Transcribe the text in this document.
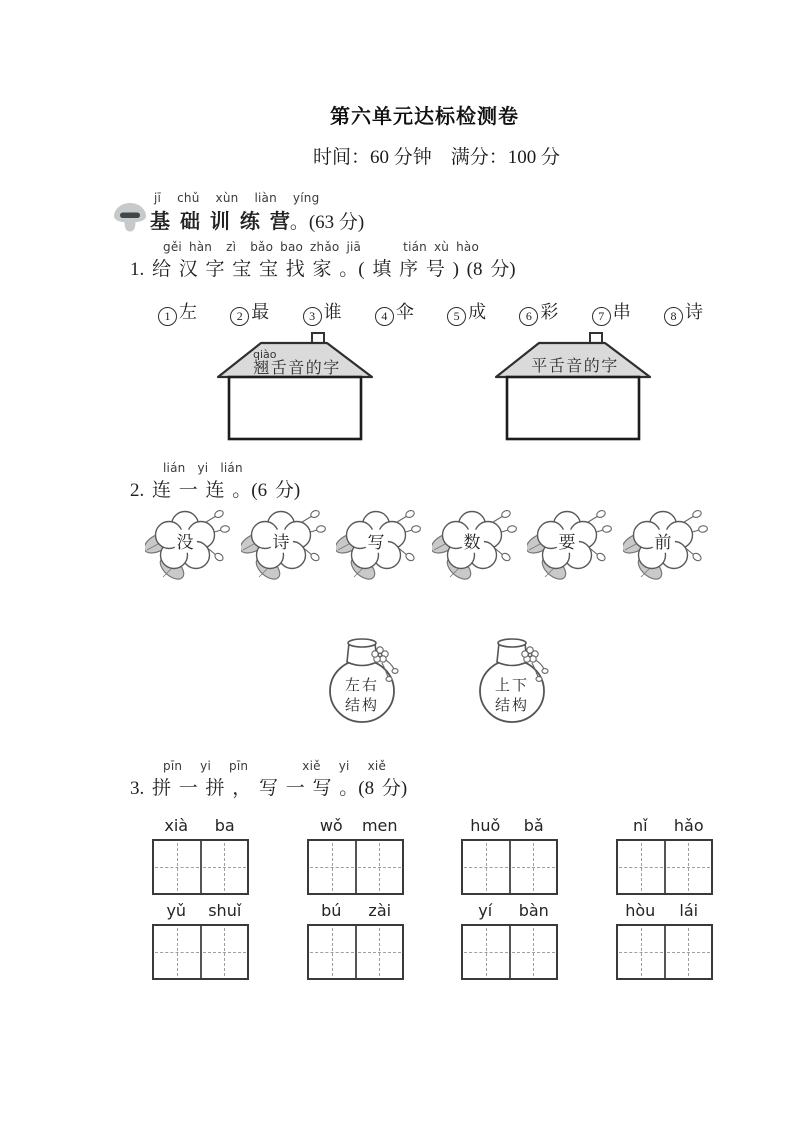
第六单元达标检测卷
时间：60 分钟　满分：100 分
jī  chǔ  xùn  liàn  yíng
基 础 训 练 营。(63 分)
gěi hàn  zì  bǎo bao zhǎo jiā      tián xù hào
1. 给 汉 字 宝 宝 找 家 。( 填 序 号 ) (8 分)
1 左	2 最	3 谁	4 伞	5 成	6 彩	7 串	8 诗
qiào
翘舌音的字	平舌音的字
lián  yi  lián
2. 连 一 连 。(6 分)
没	诗	写	数	要	前
左右
结构
上下
结构
pīn  yi  pīn      xiě  yi  xiě
3. 拼 一 拼 ， 写 一 写 。(8 分)
xià	ba	wǒ	men	huǒ	bǎ	nǐ	hǎo
yǔ	shuǐ	bú	zài	yí	bàn	hòu	lái
